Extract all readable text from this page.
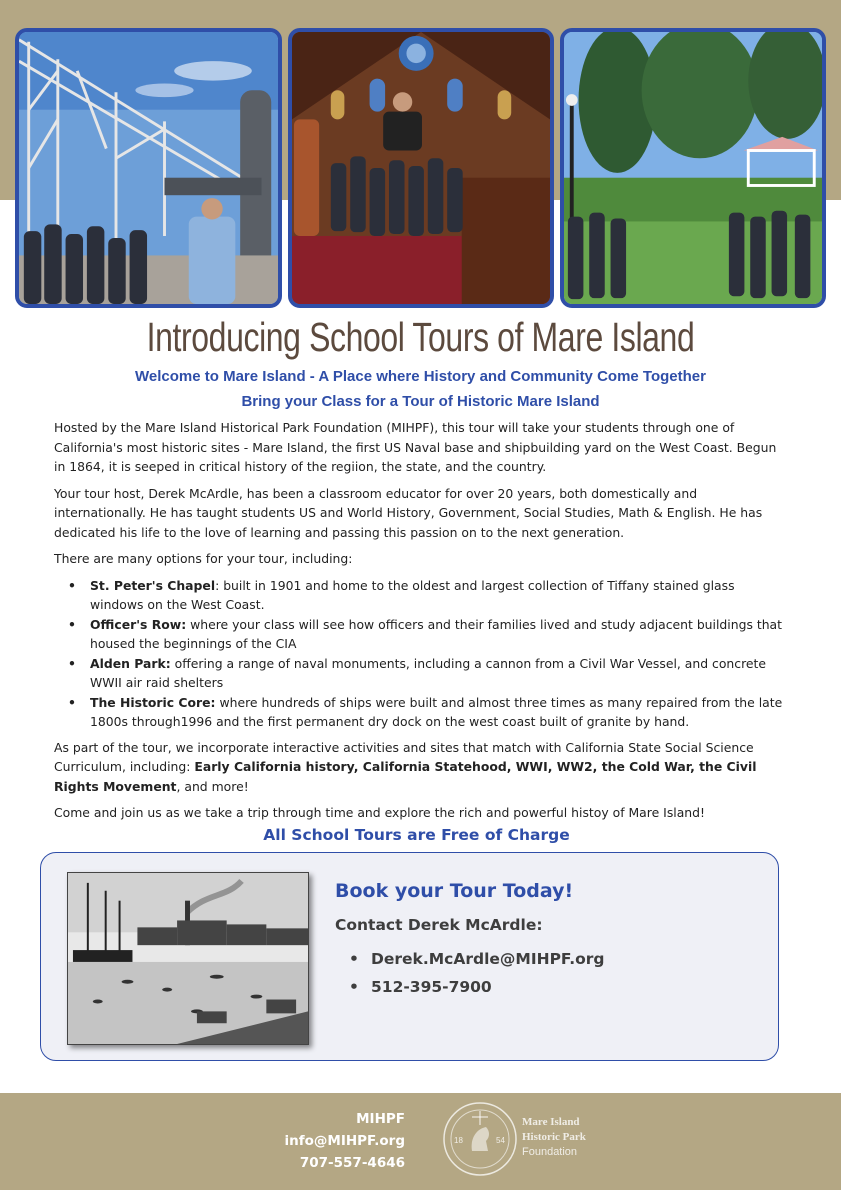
Introducing School Tours of Mare Island
Welcome to Mare Island - A Place where History and Community Come Together
Bring your Class for a Tour of Historic Mare Island

Hosted by the Mare Island Historical Park Foundation (MIHPF), this tour will take your students through one of California's most historic sites - Mare Island, the first US Naval base and shipbuilding yard on the West Coast. Begun in 1864, it is seeped in critical history of the regiion, the state, and the country.

Your tour host, Derek McArdle, has been a classroom educator for over 20 years, both domestically and internationally. He has taught students US and World History, Government, Social Studies, Math & English. He has dedicated his life to the love of learning and passing this passion on to the next generation.

There are many options for your tour, including:

• St. Peter's Chapel: built in 1901 and home to the oldest and largest collection of Tiffany stained glass windows on the West Coast.
• Officer's Row: where your class will see how officers and their families lived and study adjacent buildings that housed the beginnings of the CIA
• Alden Park: offering a range of naval monuments, including a cannon from a Civil War Vessel, and concrete WWII air raid shelters
• The Historic Core: where hundreds of ships were built and almost three times as many repaired from the late 1800s through1996 and the first permanent dry dock on the west coast built of granite by hand.

As part of the tour, we incorporate interactive activities and sites that match with California State Social Science Curriculum, including: Early California history, California Statehood, WWI, WW2, the Cold War, the Civil Rights Movement, and more!

Come and join us as we take a trip through time and explore the rich and powerful histoy of Mare Island!

All School Tours are Free of Charge
Book your Tour Today!
Contact Derek McArdle:
• Derek.McArdle@MIHPF.org
• 512-395-7900
MIHPF
info@MIHPF.org
707-557-4646
18	54
Mare Island
Historic Park
Foundation
